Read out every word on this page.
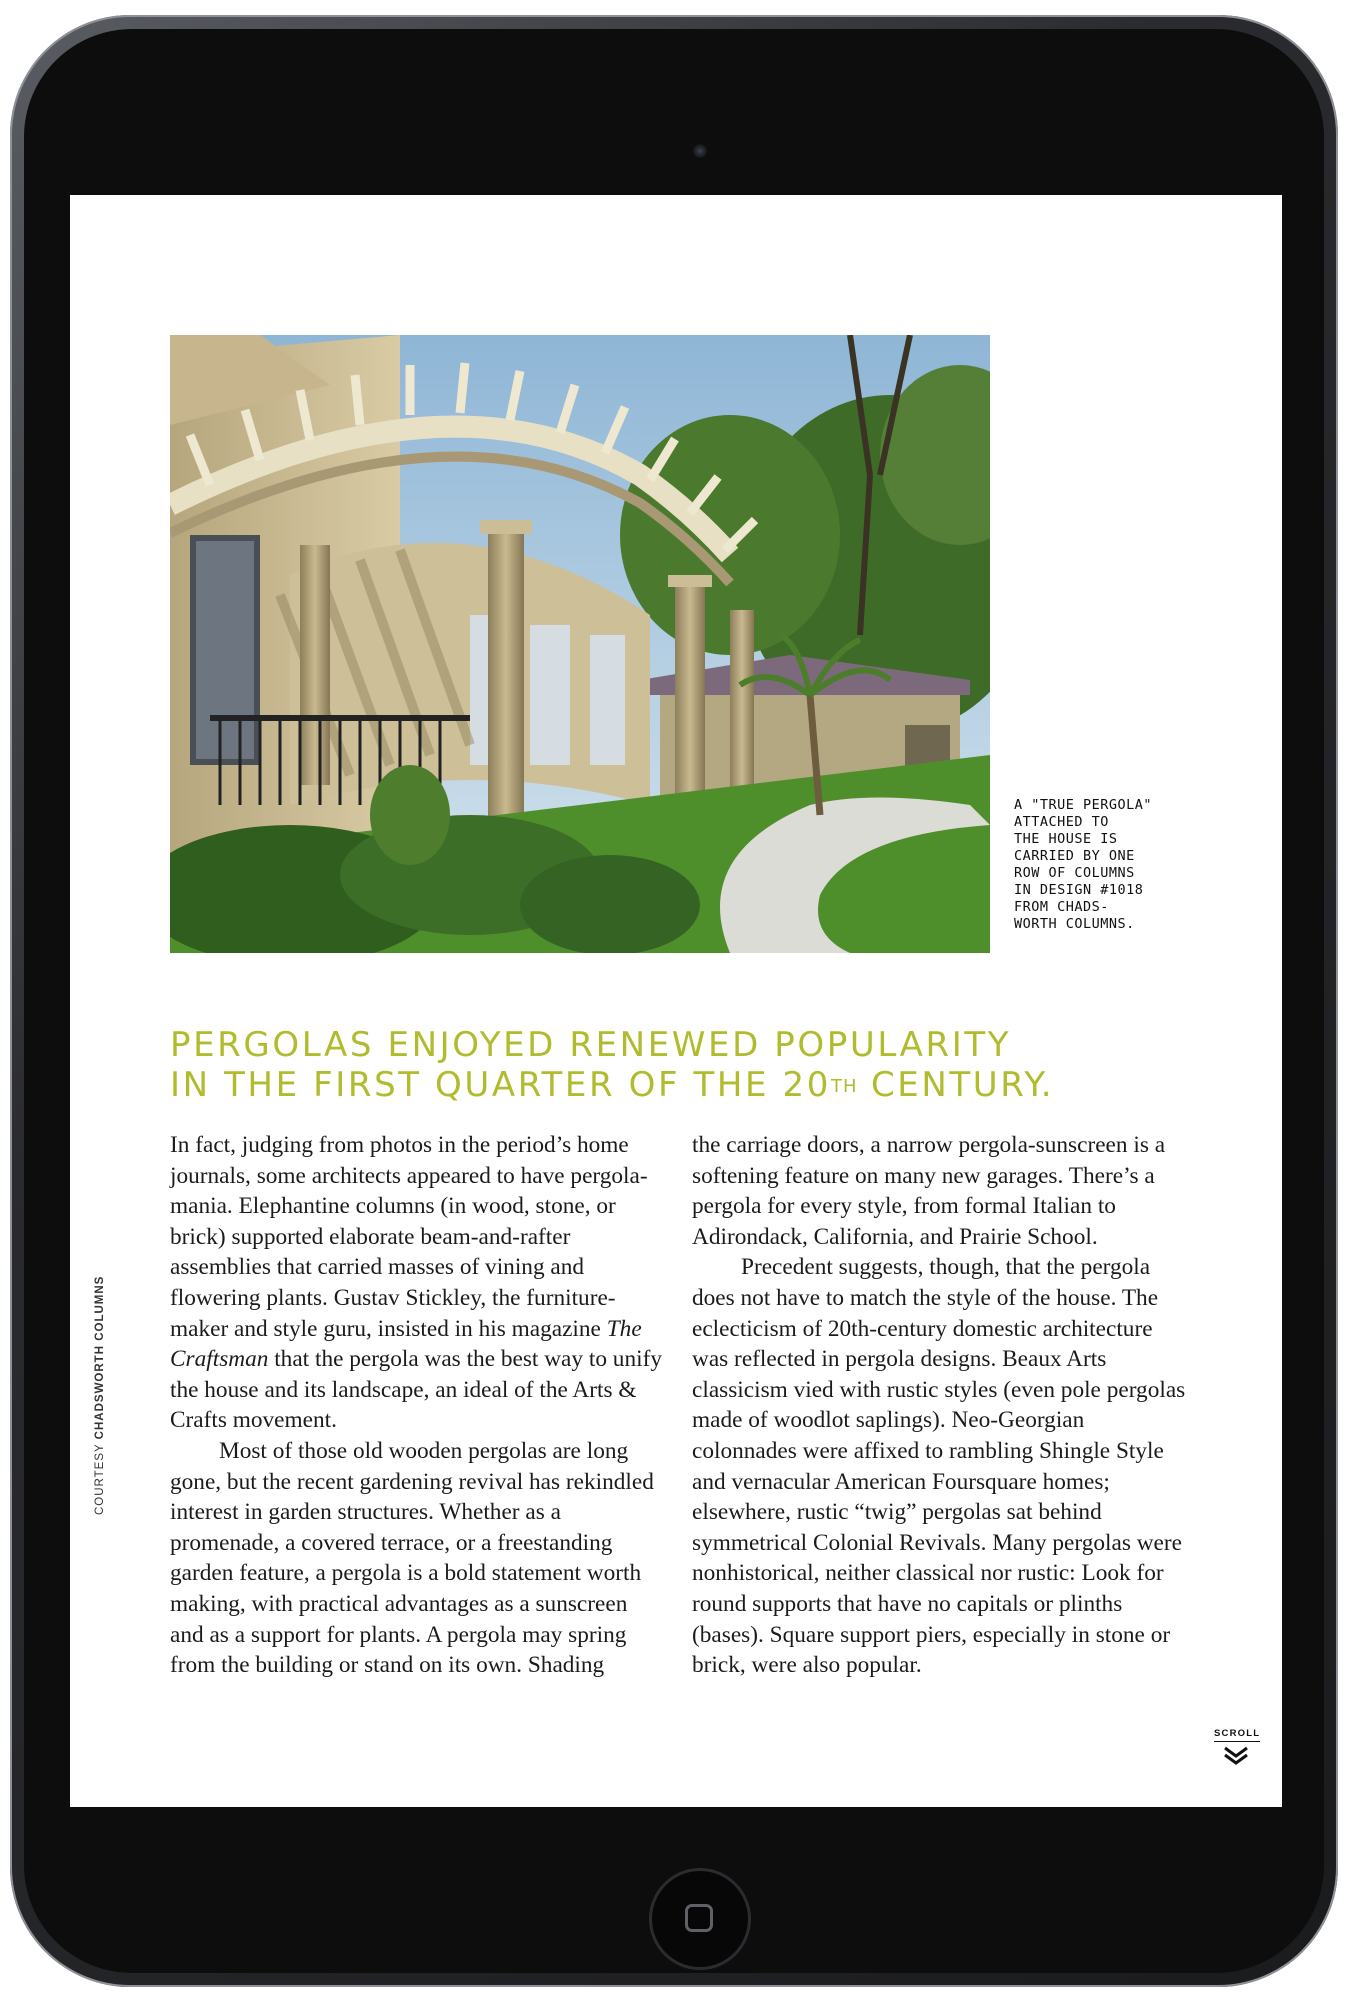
A "TRUE PERGOLA"
ATTACHED TO
THE HOUSE IS
CARRIED BY ONE
ROW OF COLUMNS
IN DESIGN #1018
FROM CHADS-
WORTH COLUMNS.
COURTESY CHADSWORTH COLUMNS
PERGOLAS ENJOYED RENEWED POPULARITY
IN THE FIRST QUARTER OF THE 20TH CENTURY.

In fact, judging from photos in the period’s home journals, some architects appeared to have pergola-mania. Elephantine columns (in wood, stone, or brick) supported elaborate beam-and-rafter assemblies that carried masses of vining and flowering plants. Gustav Stickley, the furniture-maker and style guru, insisted in his magazine The Craftsman that the pergola was the best way to unify the house and its landscape, an ideal of the Arts & Crafts movement.

Most of those old wooden pergolas are long gone, but the recent gardening revival has rekindled interest in garden structures. Whether as a promenade, a covered terrace, or a freestanding garden feature, a pergola is a bold statement worth making, with practical advantages as a sunscreen and as a support for plants. A pergola may spring from the building or stand on its own. Shading

the carriage doors, a narrow pergola-sunscreen is a softening feature on many new garages. There’s a pergola for every style, from formal Italian to Adirondack, California, and Prairie School.

Precedent suggests, though, that the pergola does not have to match the style of the house. The eclecticism of 20th-century domestic architecture was reflected in pergola designs. Beaux Arts classicism vied with rustic styles (even pole pergolas made of woodlot saplings). Neo-Georgian colonnades were affixed to rambling Shingle Style and vernacular American Foursquare homes; elsewhere, rustic “twig” pergolas sat behind symmetrical Colonial Revivals. Many pergolas were nonhistorical, neither classical nor rustic: Look for round supports that have no capitals or plinths (bases). Square support piers, especially in stone or brick, were also popular.

SCROLL
